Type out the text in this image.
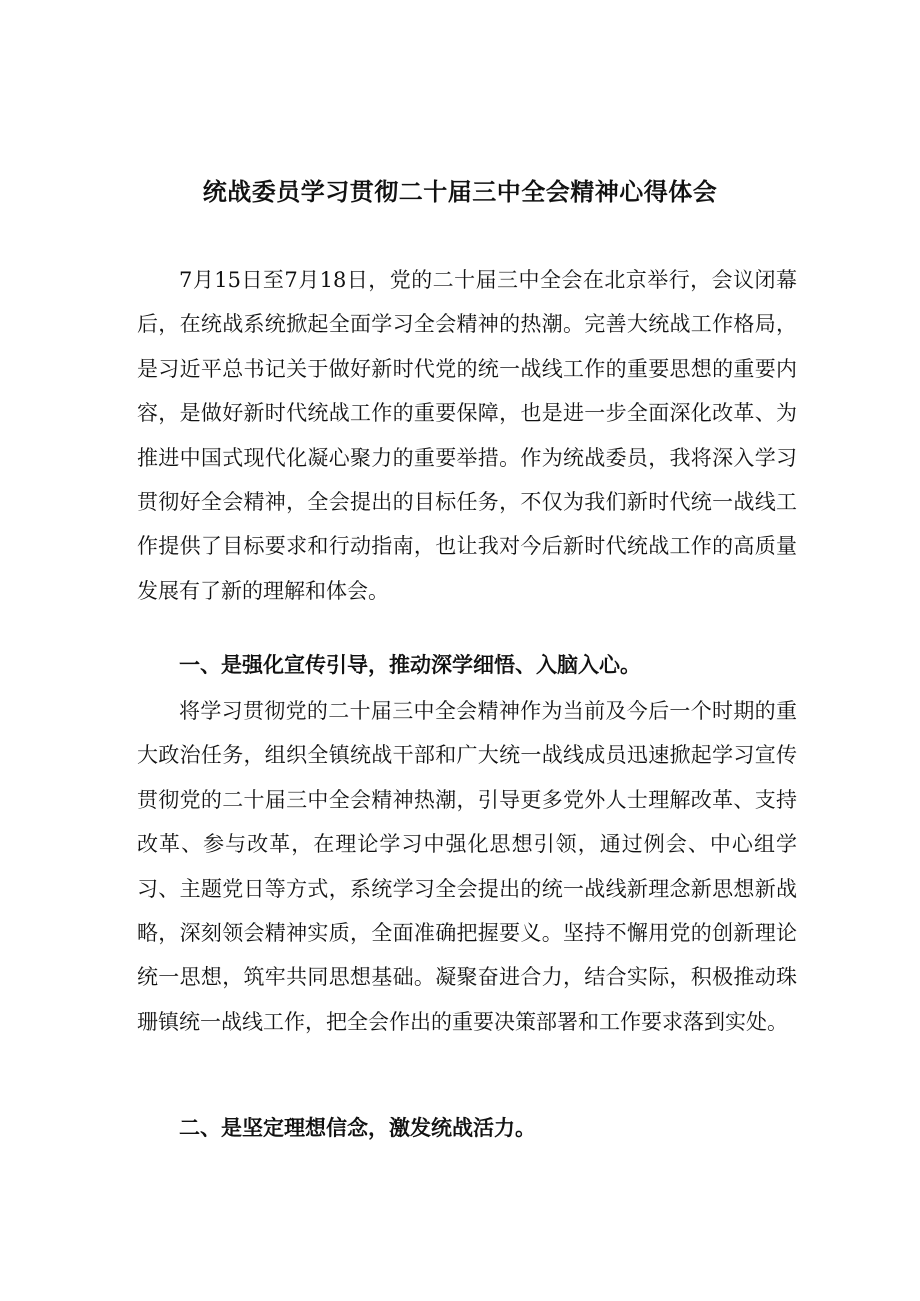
统战委员学习贯彻二十届三中全会精神心得体会

7月15日至7月18日，党的二十届三中全会在北京举行，会议闭幕后，在统战系统掀起全面学习全会精神的热潮。完善大统战工作格局，是习近平总书记关于做好新时代党的统一战线工作的重要思想的重要内容，是做好新时代统战工作的重要保障，也是进一步全面深化改革、为推进中国式现代化凝心聚力的重要举措。作为统战委员，我将深入学习贯彻好全会精神，全会提出的目标任务，不仅为我们新时代统一战线工作提供了目标要求和行动指南，也让我对今后新时代统战工作的高质量发展有了新的理解和体会。

一、是强化宣传引导，推动深学细悟、入脑入心。

将学习贯彻党的二十届三中全会精神作为当前及今后一个时期的重大政治任务，组织全镇统战干部和广大统一战线成员迅速掀起学习宣传贯彻党的二十届三中全会精神热潮，引导更多党外人士理解改革、支持改革、参与改革，在理论学习中强化思想引领，通过例会、中心组学习、主题党日等方式，系统学习全会提出的统一战线新理念新思想新战略，深刻领会精神实质，全面准确把握要义。坚持不懈用党的创新理论统一思想，筑牢共同思想基础。凝聚奋进合力，结合实际，积极推动珠珊镇统一战线工作，把全会作出的重要决策部署和工作要求落到实处。

二、是坚定理想信念，激发统战活力。
